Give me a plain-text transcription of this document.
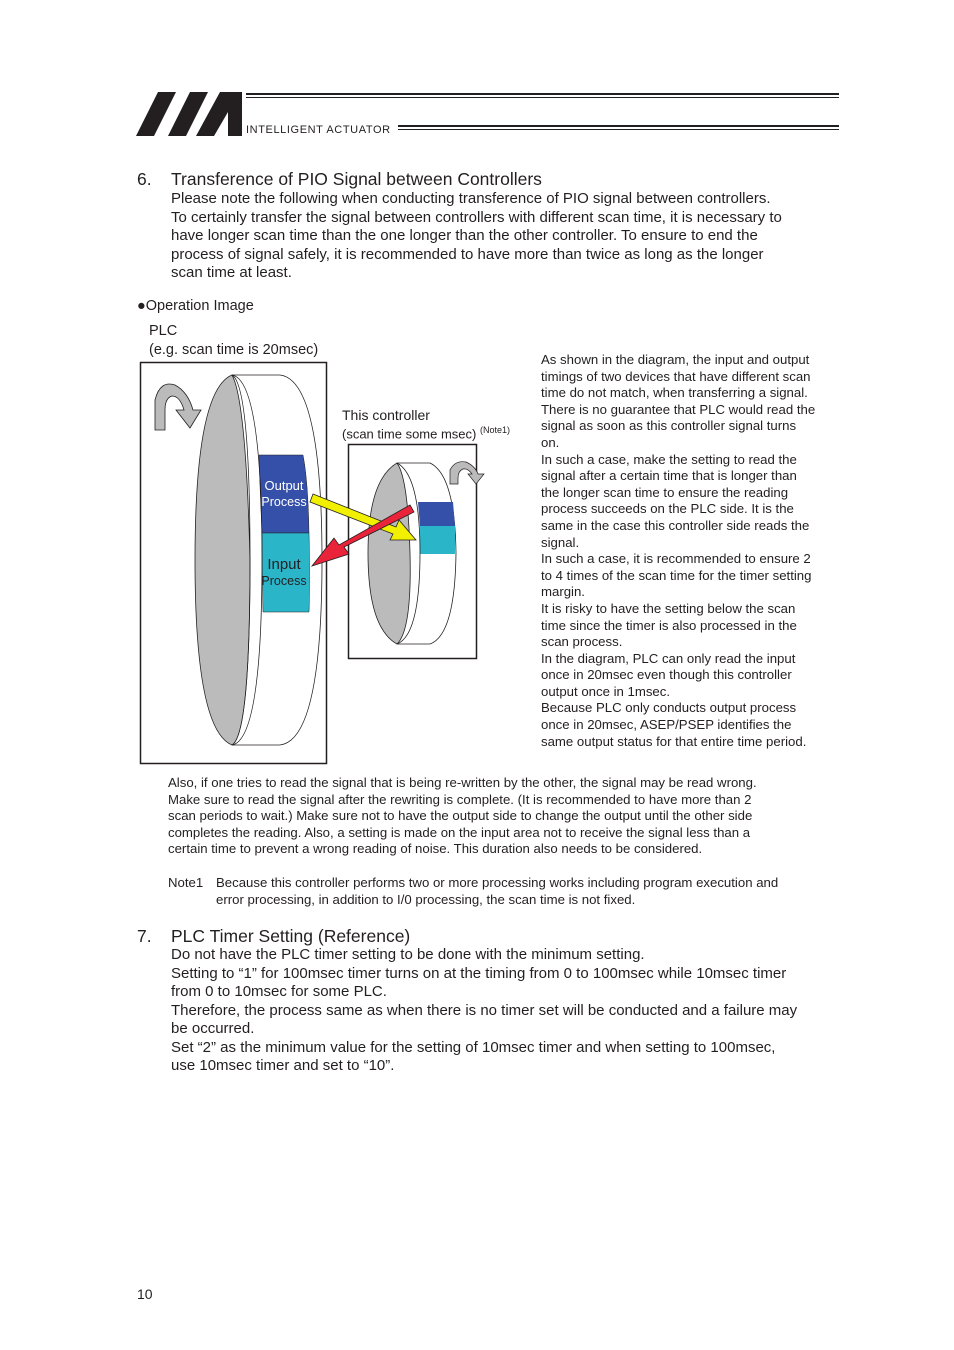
INTELLIGENT ACTUATOR
6. Transference of PIO Signal between Controllers
Please note the following when conducting transference of PIO signal between controllers.
To certainly transfer the signal between controllers with different scan time, it is necessary to
have longer scan time than the one longer than the other controller. To ensure to end the
process of signal safely, it is recommended to have more than twice as long as the longer
scan time at least.
●Operation Image
PLC
(e.g. scan time is 20msec)
Output
Process
Input
Process
This controller
(scan time some msec) $^{(Note1)}$
As shown in the diagram, the input and output
timings of two devices that have different scan
time do not match, when transferring a signal.
There is no guarantee that PLC would read the
signal as soon as this controller signal turns
on.
In such a case, make the setting to read the
signal after a certain time that is longer than
the longer scan time to ensure the reading
process succeeds on the PLC side. It is the
same in the case this controller side reads the
signal.
In such a case, it is recommended to ensure 2
to 4 times of the scan time for the timer setting
margin.
It is risky to have the setting below the scan
time since the timer is also processed in the
scan process.
In the diagram, PLC can only read the input
once in 20msec even though this controller
output once in 1msec.
Because PLC only conducts output process
once in 20msec, ASEP/PSEP identifies the
same output status for that entire time period.
Also, if one tries to read the signal that is being re-written by the other, the signal may be read wrong.
Make sure to read the signal after the rewriting is complete. (It is recommended to have more than 2
scan periods to wait.) Make sure not to have the output side to change the output until the other side
completes the reading. Also, a setting is made on the input area not to receive the signal less than a
certain time to prevent a wrong reading of noise. This duration also needs to be considered.
Note1 Because this controller performs two or more processing works including program execution and
error processing, in addition to I/0 processing, the scan time is not fixed.
7. PLC Timer Setting (Reference)
Do not have the PLC timer setting to be done with the minimum setting.
Setting to “1” for 100msec timer turns on at the timing from 0 to 100msec while 10msec timer
from 0 to 10msec for some PLC.
Therefore, the process same as when there is no timer set will be conducted and a failure may
be occurred.
Set “2” as the minimum value for the setting of 10msec timer and when setting to 100msec,
use 10msec timer and set to “10”.
10
